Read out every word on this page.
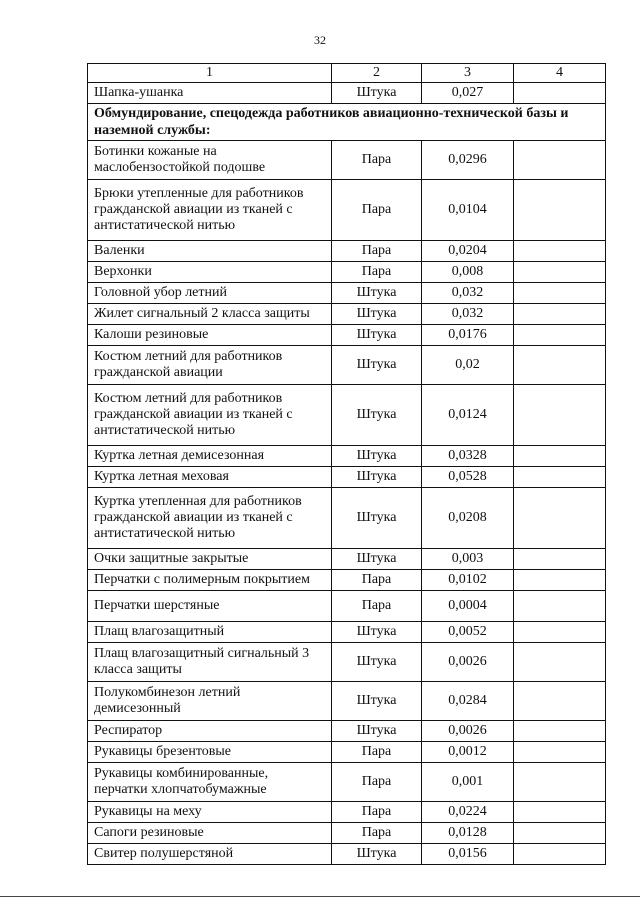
32
1	2	3	4
Шапка-ушанка	Штука	0,027	
Обмундирование, спецодежда работников авиационно-технической базы и наземной службы:			
Ботинки кожаные на маслобензостойкой подошве	Пара	0,0296	
Брюки утепленные для работников гражданской авиации из тканей с антистатической нитью	Пара	0,0104	
Валенки	Пара	0,0204	
Верхонки	Пара	0,008	
Головной убор летний	Штука	0,032	
Жилет сигнальный 2 класса защиты	Штука	0,032	
Калоши резиновые	Штука	0,0176	
Костюм летний для работников гражданской авиации	Штука	0,02	
Костюм летний для работников гражданской авиации из тканей с антистатической нитью	Штука	0,0124	
Куртка летная демисезонная	Штука	0,0328	
Куртка летная меховая	Штука	0,0528	
Куртка утепленная для работников гражданской авиации из тканей с антистатической нитью	Штука	0,0208	
Очки защитные закрытые	Штука	0,003	
Перчатки с полимерным покрытием	Пара	0,0102	
Перчатки шерстяные	Пара	0,0004	
Плащ влагозащитный	Штука	0,0052	
Плащ влагозащитный сигнальный 3 класса защиты	Штука	0,0026	
Полукомбинезон летний демисезонный	Штука	0,0284	
Респиратор	Штука	0,0026	
Рукавицы брезентовые	Пара	0,0012	
Рукавицы комбинированные, перчатки хлопчатобумажные	Пара	0,001	
Рукавицы на меху	Пара	0,0224	
Сапоги резиновые	Пара	0,0128	
Свитер полушерстяной	Штука	0,0156	
